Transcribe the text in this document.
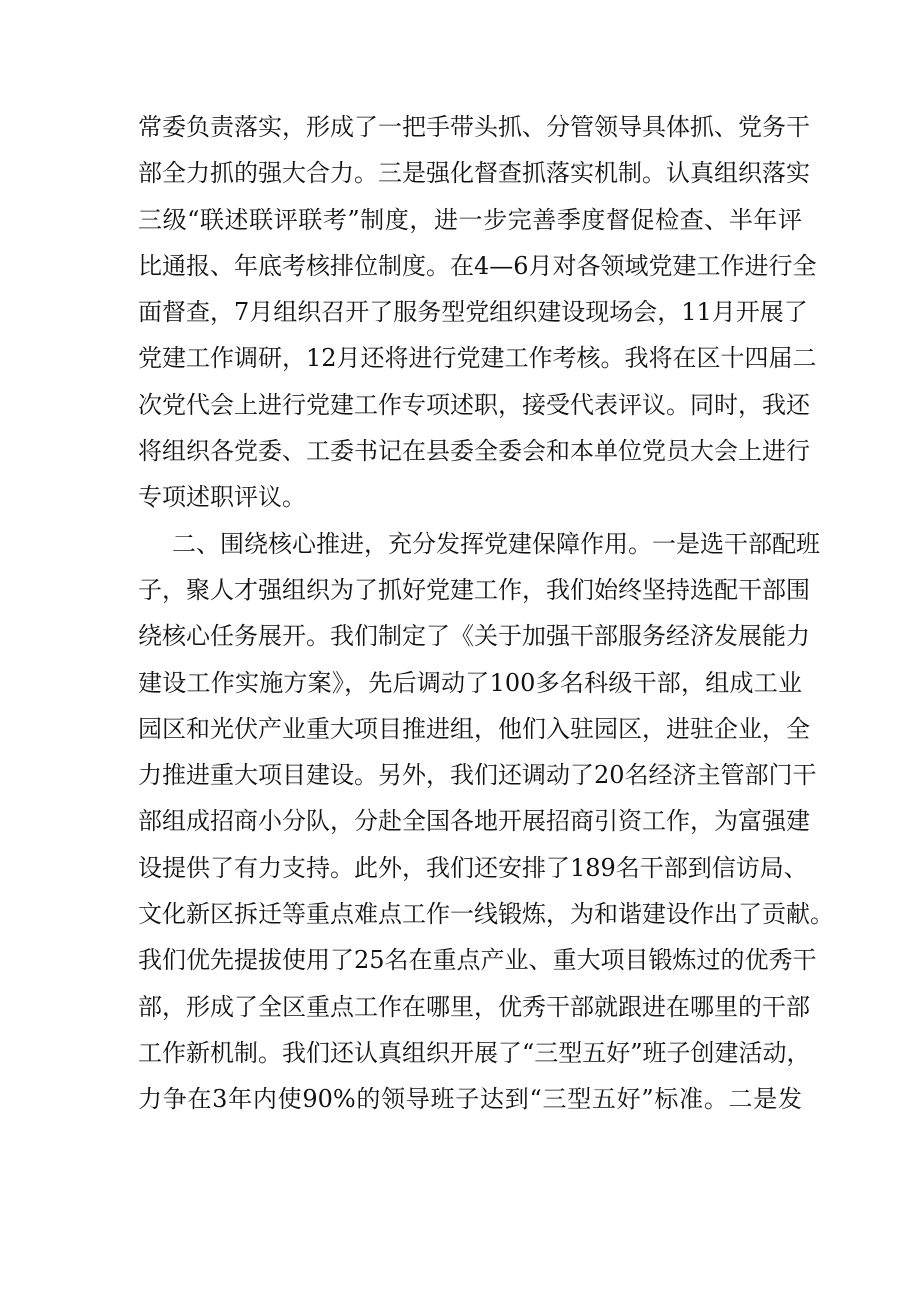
常委负责落实，形成了一把手带头抓、分管领导具体抓、党务干
部全力抓的强大合力。三是强化督查抓落实机制。认真组织落实
三级“联述联评联考”制度，进一步完善季度督促检查、半年评
比通报、年底考核排位制度。在4—6月对各领域党建工作进行全
面督查，7月组织召开了服务型党组织建设现场会，11月开展了
党建工作调研，12月还将进行党建工作考核。我将在区十四届二
次党代会上进行党建工作专项述职，接受代表评议。同时，我还
将组织各党委、工委书记在县委全委会和本单位党员大会上进行
专项述职评议。
二、围绕核心推进，充分发挥党建保障作用。一是选干部配班
子，聚人才强组织为了抓好党建工作，我们始终坚持选配干部围
绕核心任务展开。我们制定了《关于加强干部服务经济发展能力
建设工作实施方案》，先后调动了100多名科级干部，组成工业
园区和光伏产业重大项目推进组，他们入驻园区，进驻企业，全
力推进重大项目建设。另外，我们还调动了20名经济主管部门干
部组成招商小分队，分赴全国各地开展招商引资工作，为富强建
设提供了有力支持。此外，我们还安排了189名干部到信访局、
文化新区拆迁等重点难点工作一线锻炼，为和谐建设作出了贡献。
我们优先提拔使用了25名在重点产业、重大项目锻炼过的优秀干
部，形成了全区重点工作在哪里，优秀干部就跟进在哪里的干部
工作新机制。我们还认真组织开展了“三型五好”班子创建活动，
力争在3年内使90%的领导班子达到“三型五好”标准。二是发
